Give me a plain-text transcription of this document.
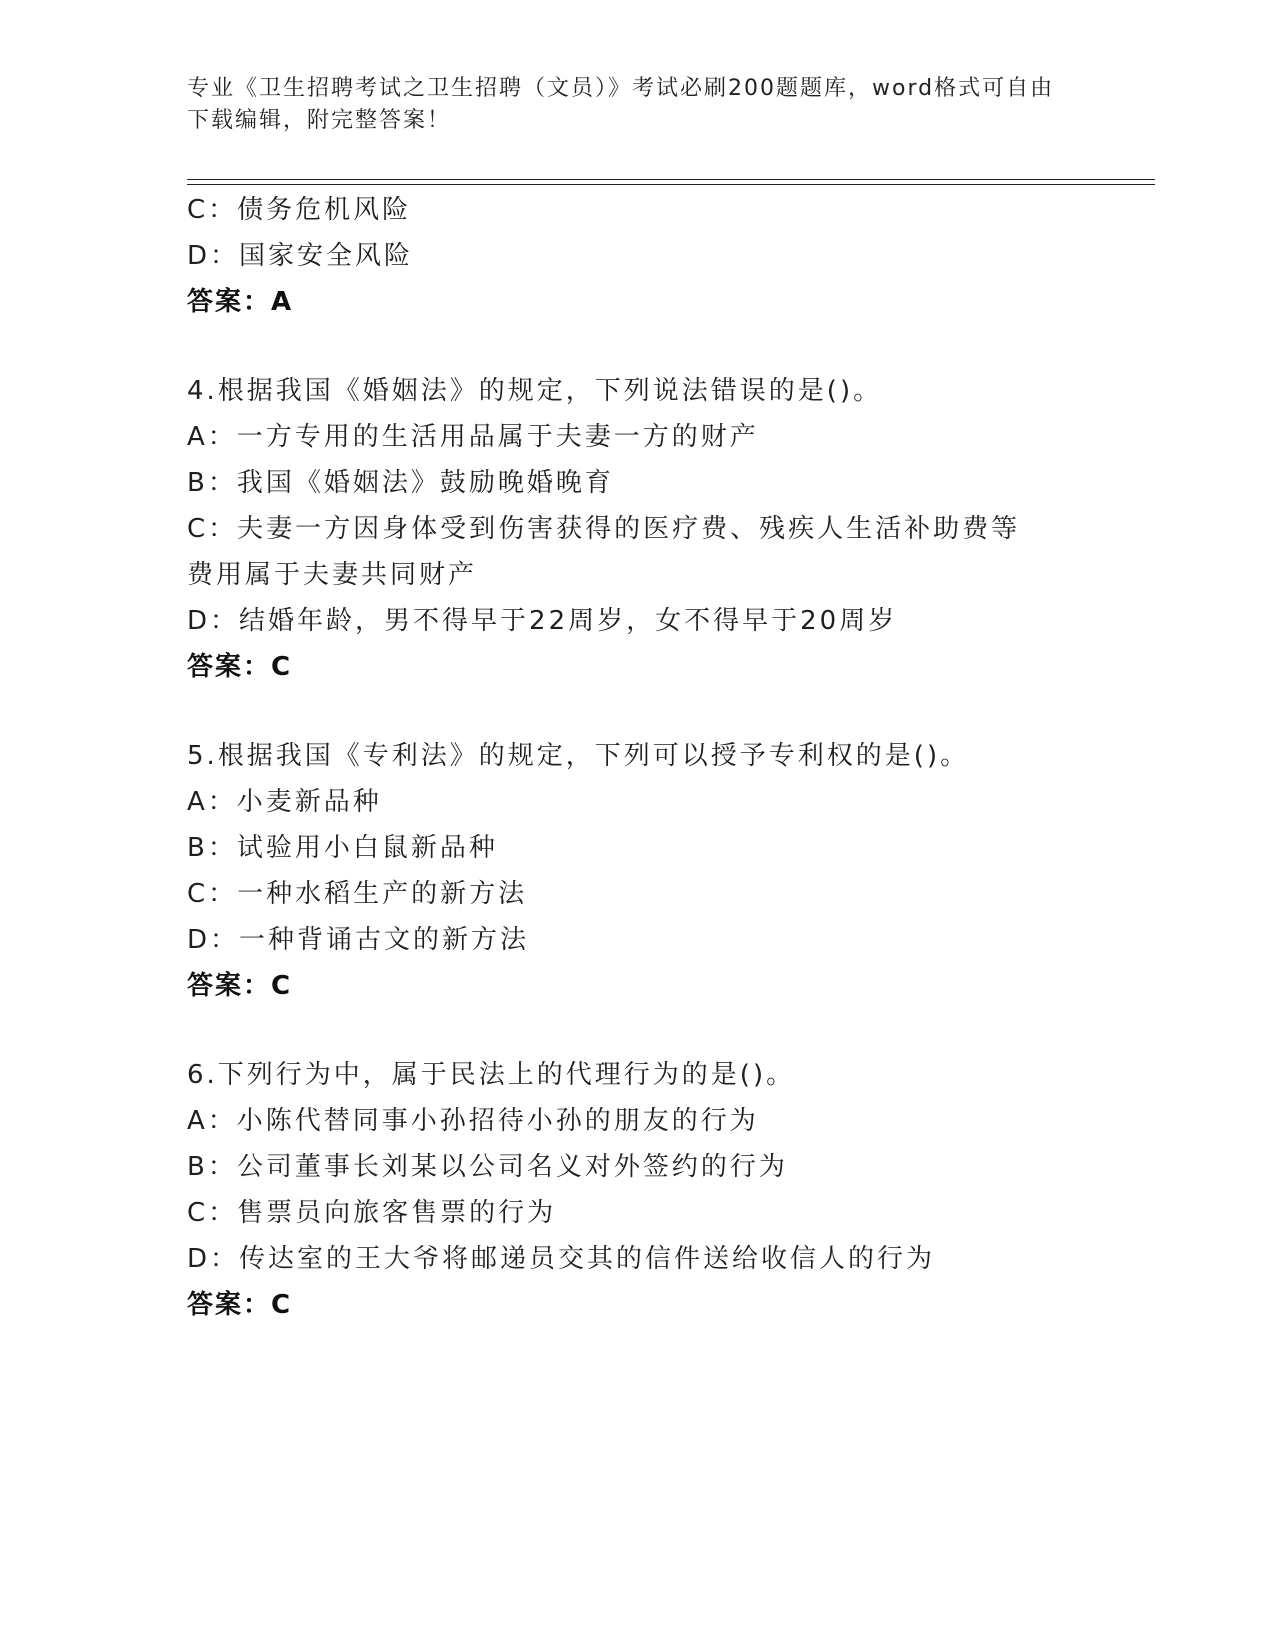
专业《卫生招聘考试之卫生招聘（文员）》考试必刷200题题库，word格式可自由下载编辑，附完整答案！
C：债务危机风险
D：国家安全风险
答案：A
4.根据我国《婚姻法》的规定，下列说法错误的是()。
A：一方专用的生活用品属于夫妻一方的财产
B：我国《婚姻法》鼓励晚婚晚育
C：夫妻一方因身体受到伤害获得的医疗费、残疾人生活补助费等费用属于夫妻共同财产
D：结婚年龄，男不得早于22周岁，女不得早于20周岁
答案：C
5.根据我国《专利法》的规定，下列可以授予专利权的是()。
A：小麦新品种
B：试验用小白鼠新品种
C：一种水稻生产的新方法
D：一种背诵古文的新方法
答案：C
6.下列行为中，属于民法上的代理行为的是()。
A：小陈代替同事小孙招待小孙的朋友的行为
B：公司董事长刘某以公司名义对外签约的行为
C：售票员向旅客售票的行为
D：传达室的王大爷将邮递员交其的信件送给收信人的行为
答案：C
